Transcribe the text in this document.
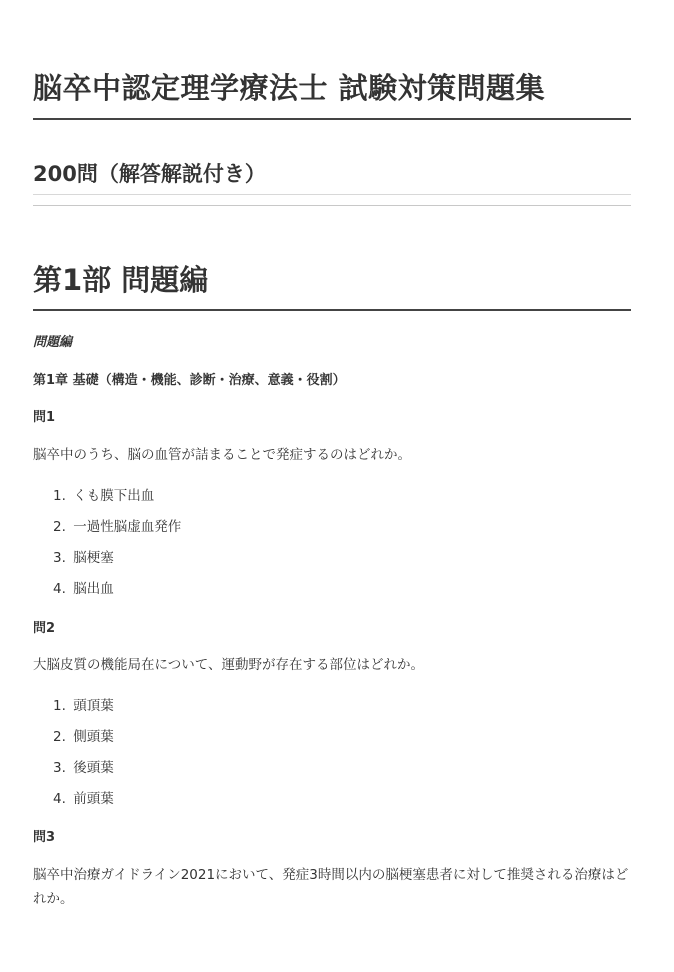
脳卒中認定理学療法士 試験対策問題集
200問（解答解説付き）
第1部 問題編
問題編
第1章 基礎（構造・機能、診断・治療、意義・役割）
問1
脳卒中のうち、脳の血管が詰まることで発症するのはどれか。
1. くも膜下出血
2. 一過性脳虚血発作
3. 脳梗塞
4. 脳出血
問2
大脳皮質の機能局在について、運動野が存在する部位はどれか。
1. 頭頂葉
2. 側頭葉
3. 後頭葉
4. 前頭葉
問3
脳卒中治療ガイドライン2021において、発症3時間以内の脳梗塞患者に対して推奨される治療はどれか。
